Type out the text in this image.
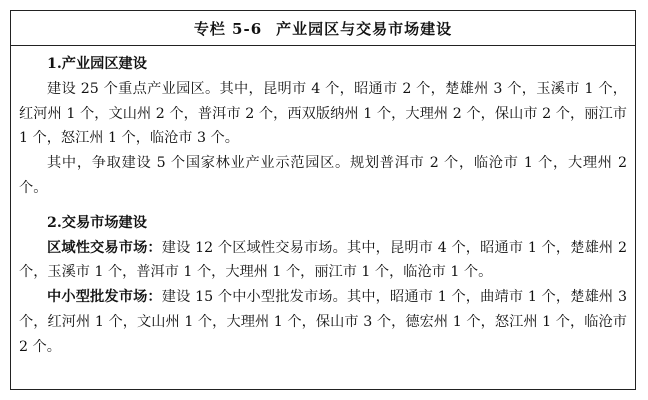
专栏 5-6 产业园区与交易市场建设
1.产业园区建设

建设 25 个重点产业园区。其中，昆明市 4 个，昭通市 2 个，楚雄州 3 个，玉溪市 1 个，红河州 1 个，文山州 2 个，普洱市 2 个，西双版纳州 1 个，大理州 2 个，保山市 2 个，丽江市 1 个，怒江州 1 个，临沧市 3 个。

其中，争取建设 5 个国家林业产业示范园区。规划普洱市 2 个，临沧市 1 个，大理州 2 个。

2.交易市场建设

区域性交易市场：建设 12 个区域性交易市场。其中，昆明市 4 个，昭通市 1 个，楚雄州 2 个，玉溪市 1 个，普洱市 1 个，大理州 1 个，丽江市 1 个，临沧市 1 个。

中小型批发市场：建设 15 个中小型批发市场。其中，昭通市 1 个，曲靖市 1 个，楚雄州 3 个，红河州 1 个，文山州 1 个，大理州 1 个，保山市 3 个，德宏州 1 个，怒江州 1 个，临沧市 2 个。
